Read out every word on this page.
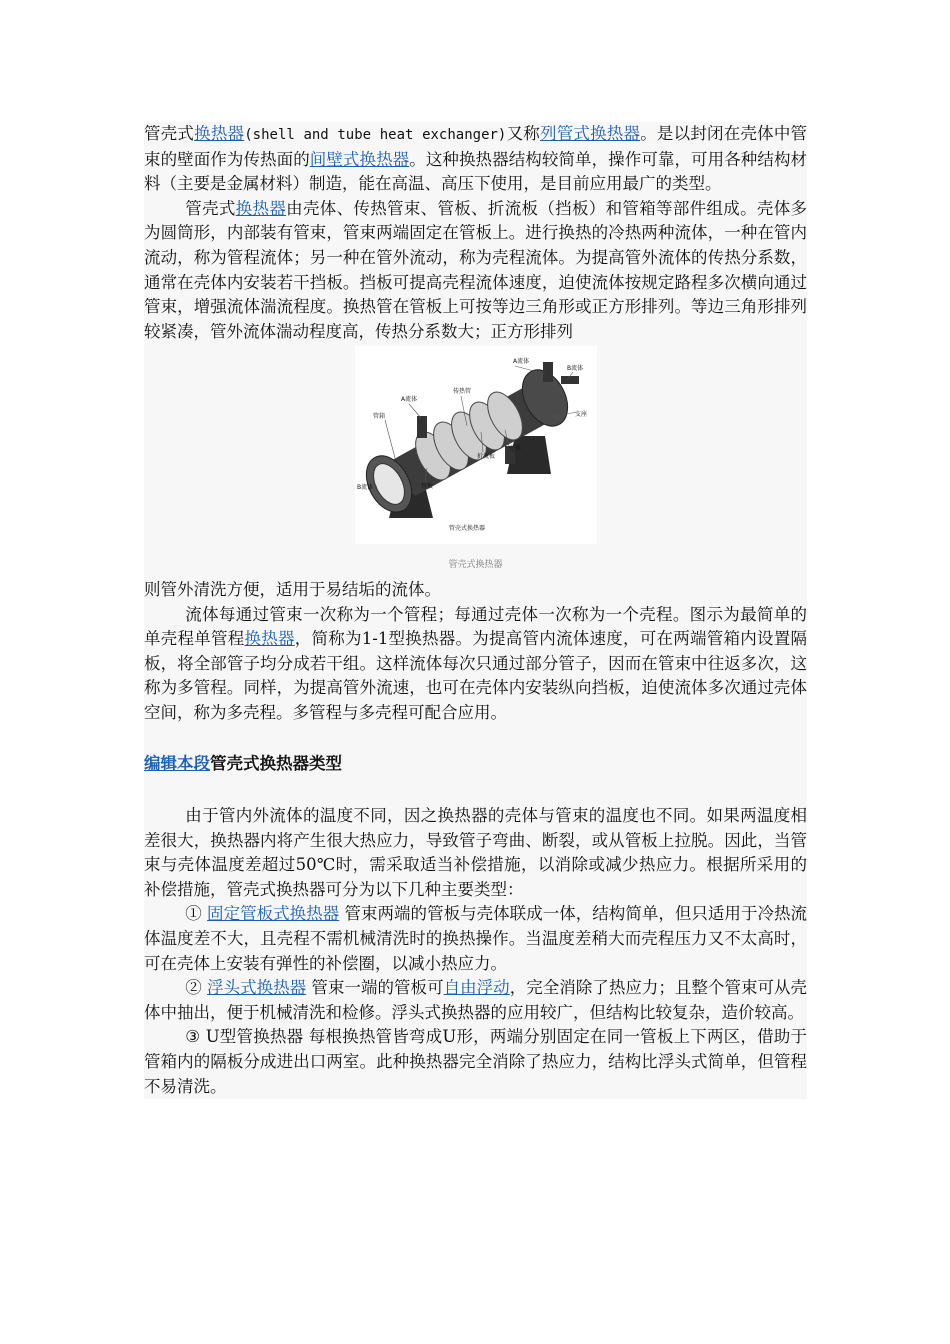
管壳式换热器(shell and tube heat exchanger)又称列管式换热器。是以封闭在壳体中管束的壁面作为传热面的间壁式换热器。这种换热器结构较简单，操作可靠，可用各种结构材料（主要是金属材料）制造，能在高温、高压下使用，是目前应用最广的类型。

管壳式换热器由壳体、传热管束、管板、折流板（挡板）和管箱等部件组成。壳体多为圆筒形，内部装有管束，管束两端固定在管板上。进行换热的冷热两种流体，一种在管内流动，称为管程流体；另一种在管外流动，称为壳程流体。为提高管外流体的传热分系数，通常在壳体内安装若干挡板。挡板可提高壳程流体速度，迫使流体按规定路程多次横向通过管束，增强流体湍流程度。换热管在管板上可按等边三角形或正方形排列。等边三角形排列较紧凑，管外流体湍动程度高，传热分系数大；正方形排列

A流体
B流体
A流体
传热管
管箱
折流板
壳体
支座
管板
B流体
管壳式换热器
管壳式换热器

则管外清洗方便，适用于易结垢的流体。

流体每通过管束一次称为一个管程；每通过壳体一次称为一个壳程。图示为最简单的单壳程单管程换热器，简称为1-1型换热器。为提高管内流体速度，可在两端管箱内设置隔板，将全部管子均分成若干组。这样流体每次只通过部分管子，因而在管束中往返多次，这称为多管程。同样，为提高管外流速，也可在壳体内安装纵向挡板，迫使流体多次通过壳体空间，称为多壳程。多管程与多壳程可配合应用。

编辑本段管壳式换热器类型

由于管内外流体的温度不同，因之换热器的壳体与管束的温度也不同。如果两温度相差很大，换热器内将产生很大热应力，导致管子弯曲、断裂，或从管板上拉脱。因此，当管束与壳体温度差超过50℃时，需采取适当补偿措施，以消除或减少热应力。根据所采用的补偿措施，管壳式换热器可分为以下几种主要类型：

① 固定管板式换热器 管束两端的管板与壳体联成一体，结构简单，但只适用于冷热流体温度差不大，且壳程不需机械清洗时的换热操作。当温度差稍大而壳程压力又不太高时，可在壳体上安装有弹性的补偿圈，以减小热应力。

② 浮头式换热器 管束一端的管板可自由浮动，完全消除了热应力；且整个管束可从壳体中抽出，便于机械清洗和检修。浮头式换热器的应用较广，但结构比较复杂，造价较高。

③ U型管换热器 每根换热管皆弯成U形，两端分别固定在同一管板上下两区，借助于管箱内的隔板分成进出口两室。此种换热器完全消除了热应力，结构比浮头式简单，但管程不易清洗。
